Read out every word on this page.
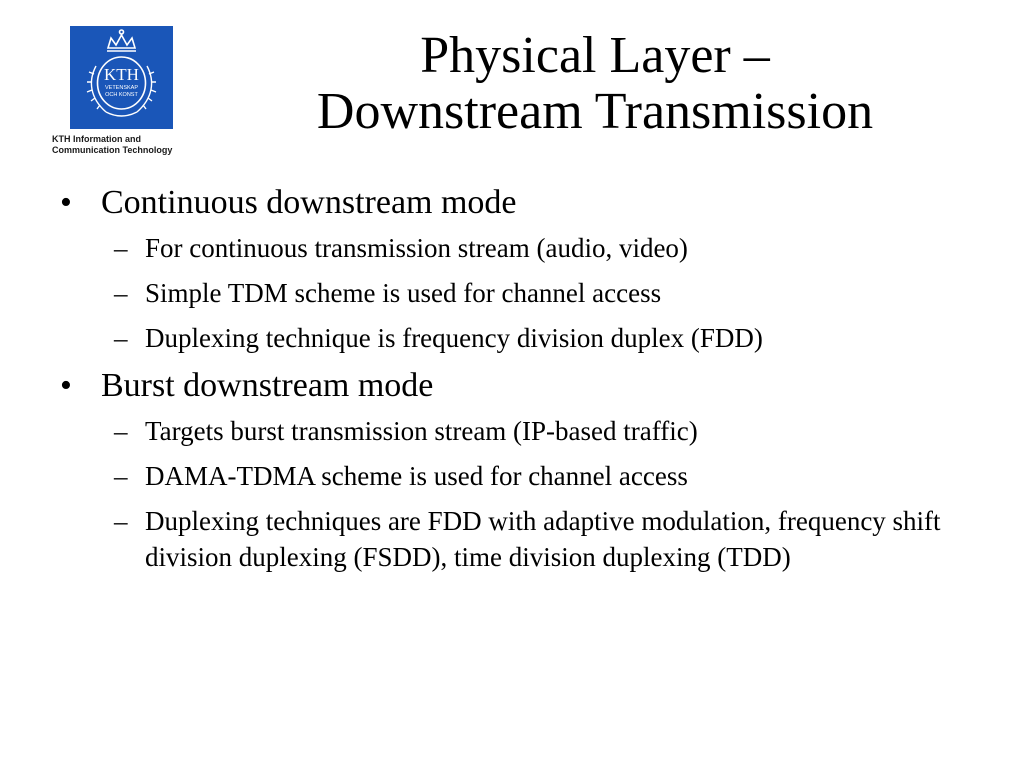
KTH
VETENSKAP
OCH KONST
KTH Information and
Communication Technology
Physical Layer –
Downstream Transmission
• Continuous downstream mode
– For continuous transmission stream (audio, video)
– Simple TDM scheme is used for channel access
– Duplexing technique is frequency division duplex (FDD)
• Burst downstream mode
– Targets burst transmission stream (IP-based traffic)
– DAMA-TDMA scheme is used for channel access
– Duplexing techniques are FDD with adaptive modulation, frequency shift division duplexing (FSDD), time division duplexing (TDD)
